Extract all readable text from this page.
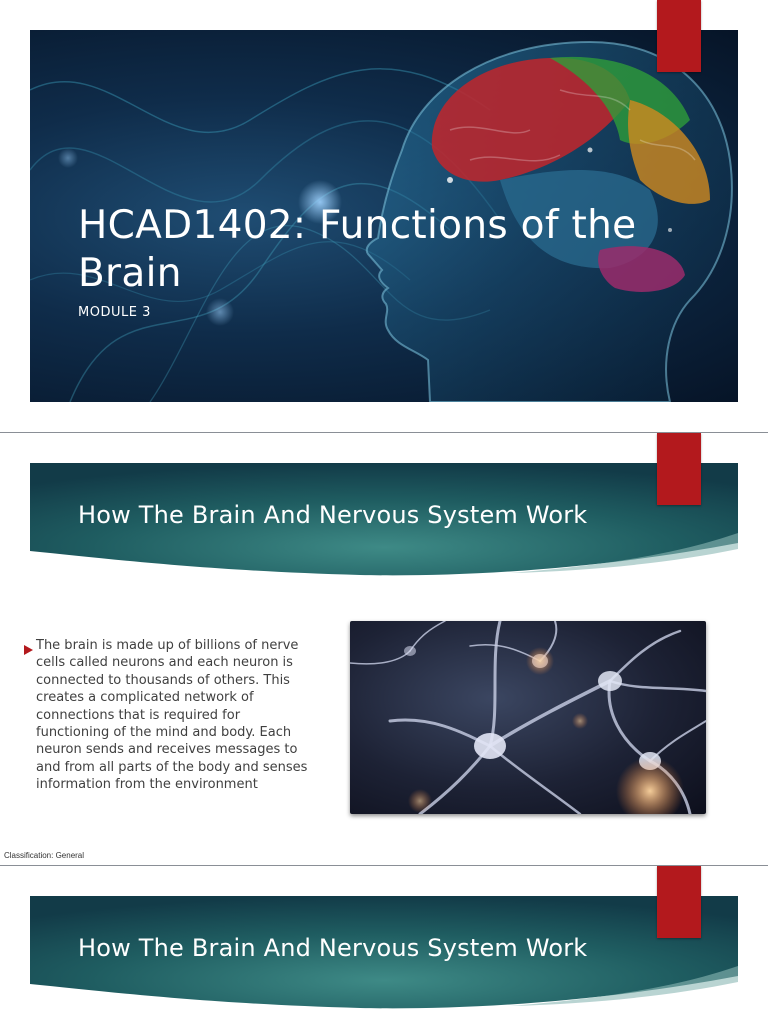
HCAD1402: Functions of the Brain
MODULE 3
How The Brain And Nervous System Work
The brain is made up of billions of nerve cells called neurons and each neuron is connected to thousands of others. This creates a complicated network of connections that is required for functioning of the mind and body. Each neuron sends and receives messages to and from all parts of the body and senses information from the environment
Classification: General
How The Brain And Nervous System Work
